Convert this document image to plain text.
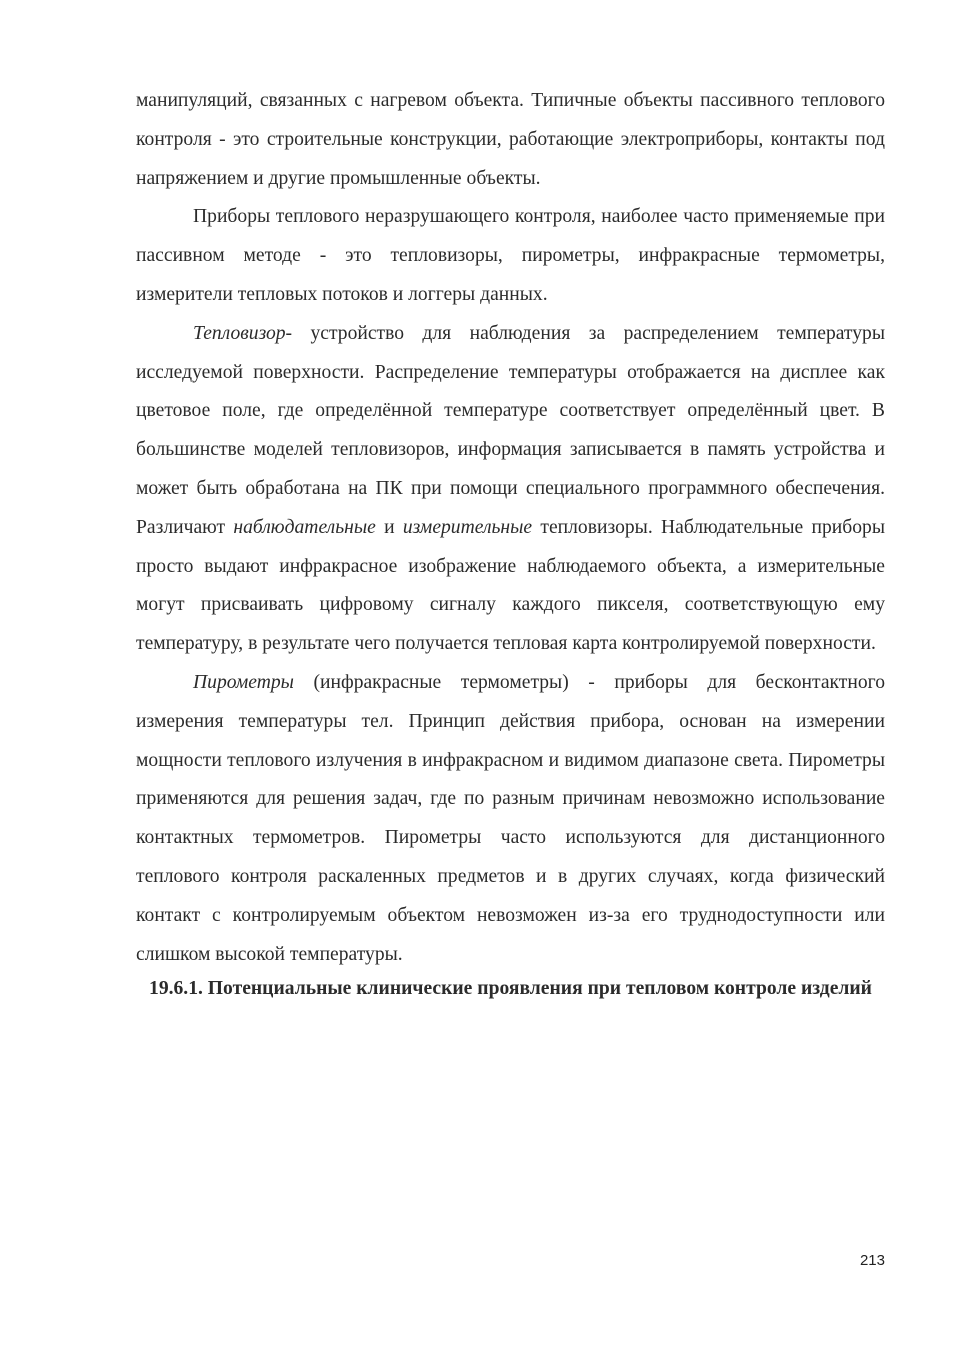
манипуляций, связанных с нагревом объекта. Типичные объекты пассивного теплового контроля - это строительные конструкции, работающие электроприборы, контакты под напряжением и другие промышленные объекты.

Приборы теплового неразрушающего контроля, наиболее часто применяемые при пассивном методе - это тепловизоры, пирометры, инфракрасные термометры, измерители тепловых потоков и логгеры данных.

Тепловизор- устройство для наблюдения за распределением температуры исследуемой поверхности. Распределение температуры отображается на дисплее как цветовое поле, где определённой температуре соответствует определённый цвет. В большинстве моделей тепловизоров, информация записывается в память устройства и может быть обработана на ПК при помощи специального программного обеспечения. Различают наблюдательные и измерительные тепловизоры. Наблюдательные приборы просто выдают инфракрасное изображение наблюдаемого объекта, а измерительные могут присваивать цифровому сигналу каждого пикселя, соответствующую ему температуру, в результате чего получается тепловая карта контролируемой поверхности.

Пирометры (инфракрасные термометры) - приборы для бесконтактного измерения температуры тел. Принцип действия прибора, основан на измерении мощности теплового излучения в инфракрасном и видимом диапазоне света. Пирометры применяются для решения задач, где по разным причинам невозможно использование контактных термометров. Пирометры часто используются для дистанционного теплового контроля раскаленных предметов и в других случаях, когда физический контакт с контролируемым объектом невозможен из-за его труднодоступности или слишком высокой температуры.

19.6.1. Потенциальные клинические проявления при тепловом контроле изделий
213
